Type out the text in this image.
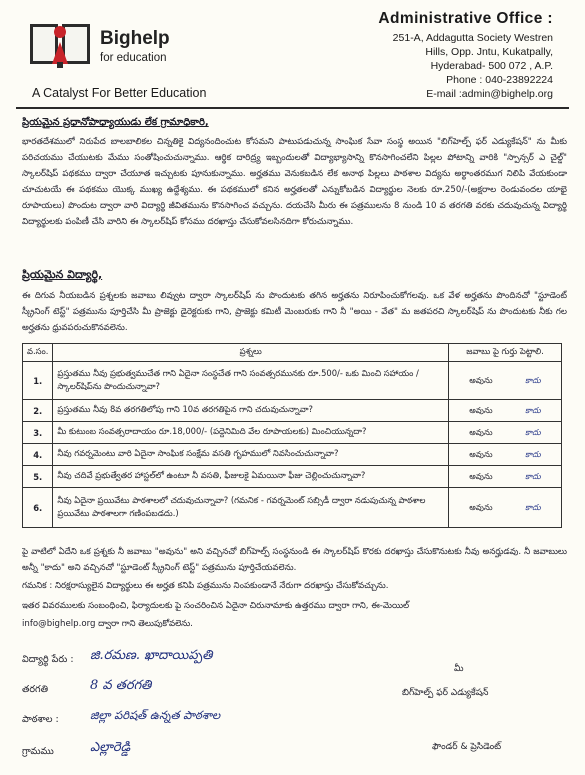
Bighelp
for education
A Catalyst For Better Education
Administrative Office :
251-A, Addagutta Society Westren
Hills, Opp. Jntu, Kukatpally,
Hyderabad- 500 072 , A.P.
Phone : 040-23892224
E-mail :admin@bighelp.org
ప్రియమైన ప్రధానోపాధ్యాయుడు లేక గ్రామాధికారి,
భారతదేశములో నిరుపేద బాలబాలికల చిన్నతికై విద్యనందించుట కోసమని పాటుపడుచున్న సాంఘిక సేవా సంస్థ అయిన "బిగ్‌హెల్ప్ ఫర్ ఎడ్యుకేషన్" ను మీకు పరిచయము చేయుటకు మేము సంతోషించుచున్నాము. ఆర్థిక దారిద్ర్య ఇబ్బందులతో విద్యాభ్యాసాన్ని కొనసాగించలేని పిల్లల పోటాన్ని వారికి "స్పాన్సర్ ఎ చైల్డ్" స్కాలర్‌షిప్ పథకము ద్వారా చేయూత ఇచ్చుటకు పూనుకున్నాము. అర్హతము వెనుకబడిన లేక అనాథ పిల్లలు పాఠశాల విద్యను అర్థాంతరముగ నిలిపి వేయకుండా చూచుటయే ఈ పథకము యొక్క ముఖ్య ఉద్దేశ్యము. ఈ పథకములో కనిన అర్హతలతో ఎన్నుకోబడిన విద్యార్థుల నెలకు రూ.250/-(అక్షరాల రెండువందల యాభై రూపాయలు) పొందుట ద్వారా వారి విద్యార్థి జీవితమును కొనసాగించ వచ్చును. దయచేసి మీరు ఈ పత్రములను 8 నుండి 10 వ తరగతి వరకు చదువుచున్న విద్యార్థి విద్యార్థులకు పంపిణీ చేసి వారిని ఈ స్కాలర్‌షిప్ కోసము దరఖాస్తు చేసుకోవలసినదిగా కోరుచున్నాము.
ప్రియమైన విద్యార్థి,
ఈ దిగువ నీయబడిన ప్రశ్నలకు జవాబు లివ్వుట ద్వారా స్కాలర్‌షిప్ ను పొందుటకు తగిన అర్హతను నిరూపించుకోగలవు. ఒక వేళ అర్హతను పొందినచో "స్టూడెంట్ స్క్రీనింగ్ టెస్ట్" పత్రమును పూర్తిచేసి మీ ప్రాజెక్టు డైరెక్టరుకు గాని, ప్రాజెక్టు కమిటీ మెంబరుకు గాని నీ "అయి - వేత" మ జతపరచి స్కాలర్‌షిప్ ను పొందుటకు నీకు గల అర్హతను ధ్రువపరుచుకొనవలెను.
వ.సం.	ప్రశ్నలు	జవాబు పై గుర్తు పెట్టాలి.
1.	ప్రస్తుతము నీవు ప్రభుత్వముచేత గాని ఏదైనా సంస్థచేత గాని సంవత్సరమునకు రూ.500/- ఒకు మించి సహాయం / స్కాలర్‌షిప్‌ను పొందుచున్నావా?	అవును కాదు

2.	ప్రస్తుతము నీవు 8వ తరగతిలోపు గాని 10వ తరగతిపైన గాని చదువుచున్నావా?	అవును కాదు

3.	మీ కుటుంబ సంవత్సరాదాయం రూ.18,000/- (పద్దెనిమిది వేల రూపాయలకు) మించియున్నదా?	అవును కాదు

4.	నీవు గవర్నమెంటు వారి ఏదైనా సాంఘిక సంక్షేమ వసతి గృహములో నివసించుచున్నావా?	అవును కాదు

5.	నీవు చదివే ప్రభుత్వేతర హాస్టల్‌లో ఉంటూ నీ వసతి, ఫీజులకై ఏమయినా ఫీజు చెల్లించుచున్నావా?	అవును కాదు

6.	నీవు ఏదైనా ప్రయివేటు పాఠశాలలో చదువుచున్నావా? (గమనిక - గవర్నమెంట్ సబ్సిడీ ద్వారా నడుపుచున్న పాఠశాల ప్రయివేటు పాఠశాలగా గణింపబడదు.)	అవును కాదు
పై వాటిలో ఏదేని ఒక ప్రశ్నకు నీ జవాబు "అవును" అని వచ్చినచో బిగ్‌హెల్ప్ సంస్థనుండి ఈ స్కాలర్‌షిప్ కొరకు దరఖాస్తు చేసుకొనుటకు నీవు అనర్హుడవు. నీ జవాబులు అన్నీ "కాదు" అని వచ్చినచో "స్టూడెంట్ స్క్రీనింగ్ టెస్ట్" పత్రమును పూర్తిచేయవలెను.
గమనిక : నిరక్షరాస్యులైన విద్యార్థులు ఈ అర్హత కనిపి పత్రమును నింపకుండానే నేరుగా దరఖాస్తు చేసుకోవచ్చును.
ఇతర వివరములకు సంబంధించి, ఫిర్యాదులకు పై సంచరించిన ఏదైనా చిరునామాకు ఉత్తరము ద్వారా గాని, ఈ-మెయిల్
info@bighelp.org ద్వారా గాని తెలుపుకోవలెను.
విద్యార్థి పేరు : జి.రమణ. ఖాదాయిప్పతి
తరగతి	8 వ తరగతి
పాఠశాల :	జిల్లా పరిషత్ ఉన్నత పాఠశాల
గ్రామము	ఎల్లారెడ్డి
మీ
బిగ్‌హెల్ప్ ఫర్ ఎడ్యుకేషన్
ఫౌండర్ & ప్రెసిడెంట్
